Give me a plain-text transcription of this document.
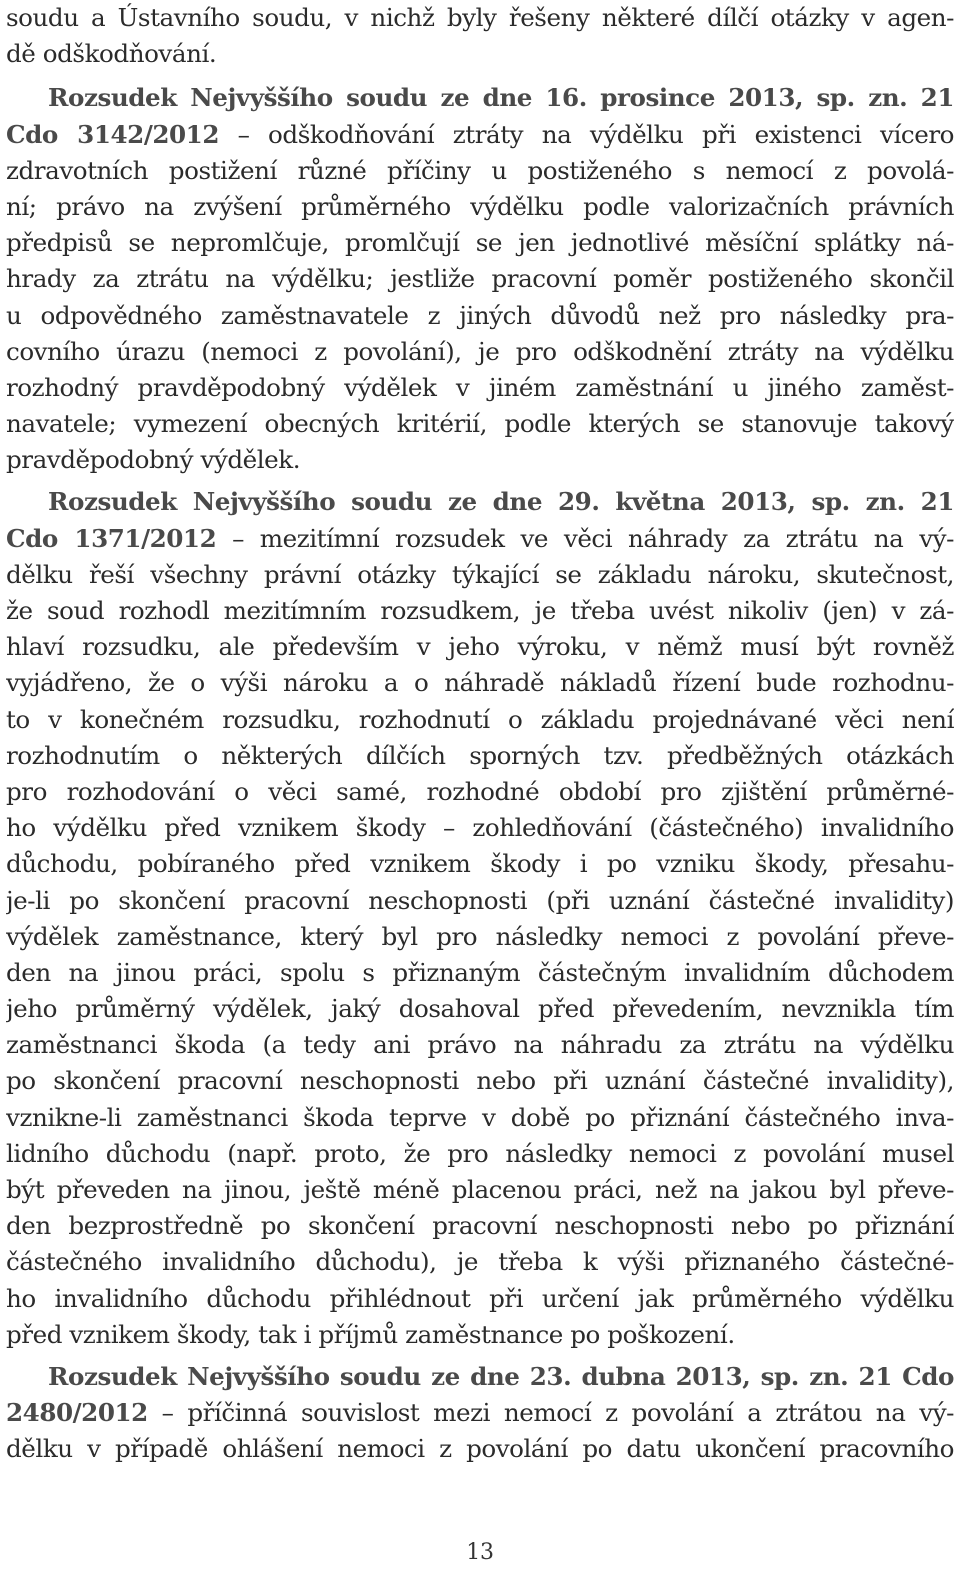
soudu a Ústavního soudu, v nichž byly řešeny některé dílčí otázky v agen-
dě odškodňování.
Rozsudek Nejvyššího soudu ze dne 16. prosince 2013, sp. zn. 21
Cdo 3142/2012 – odškodňování ztráty na výdělku při existenci vícero
zdravotních postižení různé příčiny u postiženého s nemocí z povolá-
ní; právo na zvýšení průměrného výdělku podle valorizačních právních
předpisů se nepromlčuje, promlčují se jen jednotlivé měsíční splátky ná-
hrady za ztrátu na výdělku; jestliže pracovní poměr postiženého skončil
u odpovědného zaměstnavatele z jiných důvodů než pro následky pra-
covního úrazu (nemoci z povolání), je pro odškodnění ztráty na výdělku
rozhodný pravděpodobný výdělek v jiném zaměstnání u jiného zaměst-
navatele; vymezení obecných kritérií, podle kterých se stanovuje takový
pravděpodobný výdělek.
Rozsudek Nejvyššího soudu ze dne 29. května 2013, sp. zn. 21
Cdo 1371/2012 – mezitímní rozsudek ve věci náhrady za ztrátu na vý-
dělku řeší všechny právní otázky týkající se základu nároku, skutečnost,
že soud rozhodl mezitímním rozsudkem, je třeba uvést nikoliv (jen) v zá-
hlaví rozsudku, ale především v jeho výroku, v němž musí být rovněž
vyjádřeno, že o výši nároku a o náhradě nákladů řízení bude rozhodnu-
to v konečném rozsudku, rozhodnutí o základu projednávané věci není
rozhodnutím o některých dílčích sporných tzv. předběžných otázkách
pro rozhodování o věci samé, rozhodné období pro zjištění průměrné-
ho výdělku před vznikem škody – zohledňování (částečného) invalidního
důchodu, pobíraného před vznikem škody i po vzniku škody, přesahu-
je-li po skončení pracovní neschopnosti (při uznání částečné invalidity)
výdělek zaměstnance, který byl pro následky nemoci z povolání převe-
den na jinou práci, spolu s přiznaným částečným invalidním důchodem
jeho průměrný výdělek, jaký dosahoval před převedením, nevznikla tím
zaměstnanci škoda (a tedy ani právo na náhradu za ztrátu na výdělku
po skončení pracovní neschopnosti nebo při uznání částečné invalidity),
vznikne-li zaměstnanci škoda teprve v době po přiznání částečného inva-
lidního důchodu (např. proto, že pro následky nemoci z povolání musel
být převeden na jinou, ještě méně placenou práci, než na jakou byl převe-
den bezprostředně po skončení pracovní neschopnosti nebo po přiznání
částečného invalidního důchodu), je třeba k výši přiznaného částečné-
ho invalidního důchodu přihlédnout při určení jak průměrného výdělku
před vznikem škody, tak i příjmů zaměstnance po poškození.
Rozsudek Nejvyššího soudu ze dne 23. dubna 2013, sp. zn. 21 Cdo
2480/2012 – příčinná souvislost mezi nemocí z povolání a ztrátou na vý-
dělku v případě ohlášení nemoci z povolání po datu ukončení pracovního
13
